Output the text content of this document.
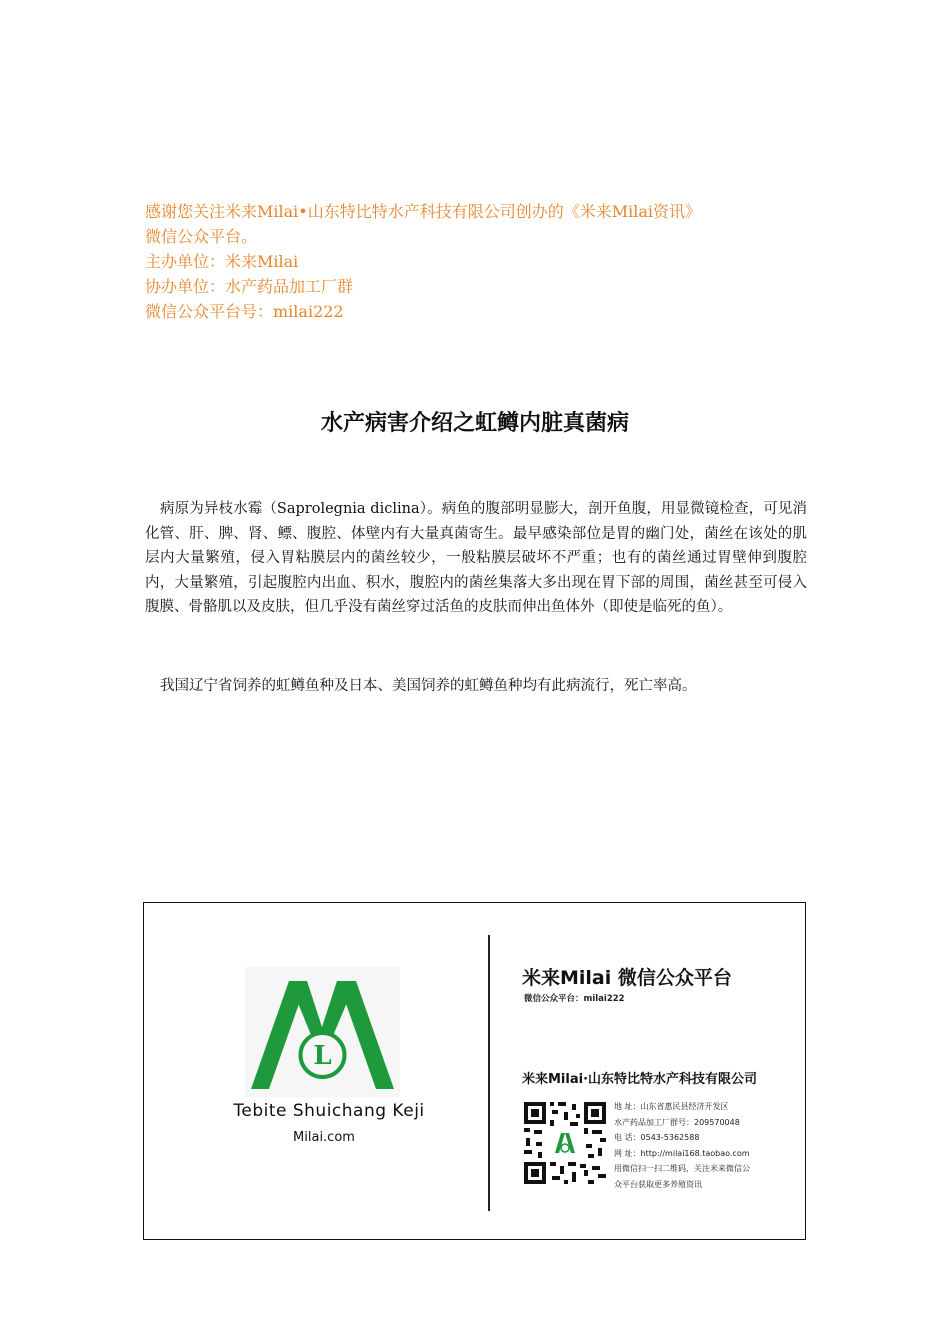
感谢您关注米来Milai•山东特比特水产科技有限公司创办的《米来Milai资讯》
微信公众平台。
主办单位：米来Milai
协办单位：水产药品加工厂群
微信公众平台号：milai222
水产病害介绍之虹鳟内脏真菌病
病原为异枝水霉（Saprolegnia diclina）。病鱼的腹部明显膨大，剖开鱼腹，用显微镜检查，可见消化管、肝、脾、肾、鳔、腹腔、体壁内有大量真菌寄生。最早感染部位是胃的幽门处，菌丝在该处的肌层内大量繁殖，侵入胃粘膜层内的菌丝较少，一般粘膜层破坏不严重；也有的菌丝通过胃壁伸到腹腔内，大量繁殖，引起腹腔内出血、积水，腹腔内的菌丝集落大多出现在胃下部的周围，菌丝甚至可侵入腹膜、骨骼肌以及皮肤，但几乎没有菌丝穿过活鱼的皮肤而伸出鱼体外（即使是临死的鱼）。
我国辽宁省饲养的虹鳟鱼种及日本、美国饲养的虹鳟鱼种均有此病流行，死亡率高。
L
Tebite Shuichang Keji
Milai.com
米来Milai 微信公众平台
微信公众平台：milai222
米来Milai·山东特比特水产科技有限公司
地 址：山东省惠民县经济开发区
水产药品加工厂群号：209570048
电 话：0543-5362588
网 址：http://milai168.taobao.com
用微信扫一扫二维码，关注米来微信公
众平台获取更多养殖资讯
